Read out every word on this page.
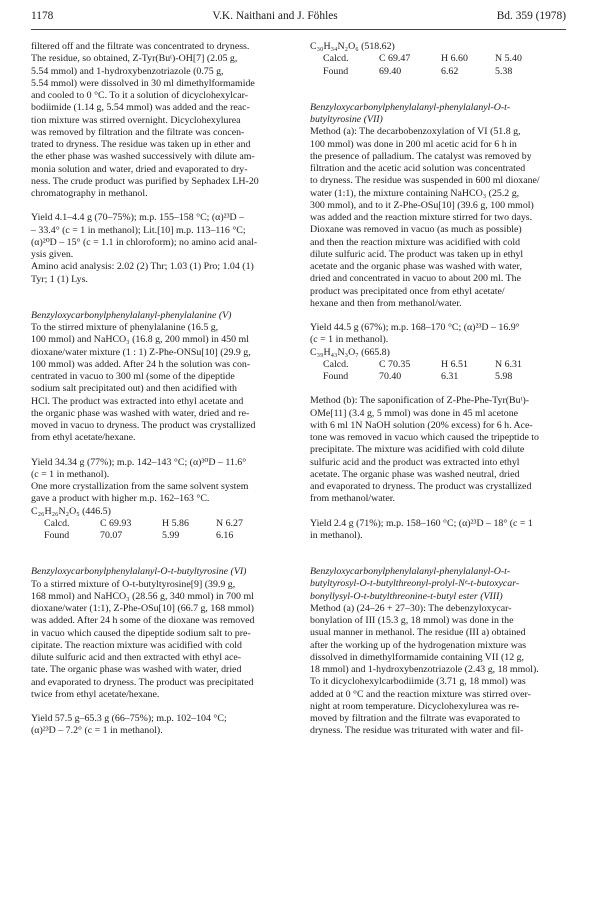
1178	V.K. Naithani and J. Föhles	Bd. 359 (1978)

filtered off and the filtrate was concentrated to dryness.
The residue, so obtained, Z-Tyr(Buᵗ)-OH[7] (2.05 g,
5.54 mmol) and 1-hydroxybenzotriazole (0.75 g,
5.54 mmol) were dissolved in 30 ml dimethylformamide
and cooled to 0 °C. To it a solution of dicyclohexylcar-
bodiimide (1.14 g, 5.54 mmol) was added and the reac-
tion mixture was stirred overnight. Dicyclohexylurea
was removed by filtration and the filtrate was concen-
trated to dryness. The residue was taken up in ether and
the ether phase was washed successively with dilute am-
monia solution and water, dried and evaporated to dry-
ness. The crude product was purified by Sephadex LH-20
chromatography in methanol.

Yield 4.1–4.4 g (70–75%); m.p. 155–158 °C; (α)²³D –
– 33.4° (c = 1 in methanol); Lit.[10] m.p. 113–116 °C;
(α)²⁰D – 15° (c = 1.1 in chloroform); no amino acid anal-
ysis given.

Amino acid analysis: 2.02 (2) Thr; 1.03 (1) Pro; 1.04 (1)
Tyr; 1 (1) Lys.

Benzyloxycarbonylphenylalanyl-phenylalanine (V)

To the stirred mixture of phenylalanine (16.5 g,
100 mmol) and NaHCO₃ (16.8 g, 200 mmol) in 450 ml
dioxane/water mixture (1 : 1) Z-Phe-ONSu[10] (29.9 g,
100 mmol) was added. After 24 h the solution was con-
centrated in vacuo to 300 ml (some of the dipeptide
sodium salt precipitated out) and then acidified with
HCl. The product was extracted into ethyl acetate and
the organic phase was washed with water, dried and re-
moved in vacuo to dryness. The product was crystallized
from ethyl acetate/hexane.

Yield 34.34 g (77%); m.p. 142–143 °C; (α)³⁰D – 11.6°
(c = 1 in methanol).

One more crystallization from the same solvent system
gave a product with higher m.p. 162–163 °C.

C₂₆H₂₆N₂O₅ (446.5)

Calcd.	C 69.93	H 5.86	N 6.27
Found	70.07	5.99	6.16

Benzyloxycarbonylphenylalanyl-O-t-butyltyrosine (VI)

To a stirred mixture of O-t-butyltyrosine[9] (39.9 g,
168 mmol) and NaHCO₃ (28.56 g, 340 mmol) in 700 ml
dioxane/water (1:1), Z-Phe-OSu[10] (66.7 g, 168 mmol)
was added. After 24 h some of the dioxane was removed
in vacuo which caused the dipeptide sodium salt to pre-
cipitate. The reaction mixture was acidified with cold
dilute sulfuric acid and then extracted with ethyl ace-
tate. The organic phase was washed with water, dried
and evaporated to dryness. The product was precipitated
twice from ethyl acetate/hexane.

Yield 57.5 g–65.3 g (66–75%); m.p. 102–104 °C;
(α)²³D – 7.2° (c = 1 in methanol).

C₃₀H₃₄N₂O₆ (518.62)

Calcd.	C 69.47	H 6.60	N 5.40
Found	69.40	6.62	5.38

Benzyloxycarbonylphenylalanyl-phenylalanyl-O-t-
butyltyrosine (VII)

Method (a): The decarbobenzoxylation of VI (51.8 g,
100 mmol) was done in 200 ml acetic acid for 6 h in
the presence of palladium. The catalyst was removed by
filtration and the acetic acid solution was concentrated
to dryness. The residue was suspended in 600 ml dioxane/
water (1:1), the mixture containing NaHCO₃ (25.2 g,
300 mmol), and to it Z-Phe-OSu[10] (39.6 g, 100 mmol)
was added and the reaction mixture stirred for two days.
Dioxane was removed in vacuo (as much as possible)
and then the reaction mixture was acidified with cold
dilute sulfuric acid. The product was taken up in ethyl
acetate and the organic phase was washed with water,
dried and concentrated in vacuo to about 200 ml. The
product was precipitated once from ethyl acetate/
hexane and then from methanol/water.

Yield 44.5 g (67%); m.p. 168–170 °C; (α)²³D – 16.9°
(c = 1 in methanol).

C₃₉H₄₃N₃O₇ (665.8)

Calcd.	C 70.35	H 6.51	N 6.31
Found	70.40	6.31	5.98

Method (b): The saponification of Z-Phe-Phe-Tyr(Buᵗ)-
OMe[11] (3.4 g, 5 mmol) was done in 45 ml acetone
with 6 ml 1N NaOH solution (20% excess) for 6 h. Ace-
tone was removed in vacuo which caused the tripeptide to
precipitate. The mixture was acidified with cold dilute
sulfuric acid and the product was extracted into ethyl
acetate. The organic phase was washed neutral, dried
and evaporated to dryness. The product was crystallized
from methanol/water.

Yield 2.4 g (71%); m.p. 158–160 °C; (α)²³D – 18° (c = 1
in methanol).

Benzyloxycarbonylphenylalanyl-phenylalanyl-O-t-
butyltyrosyl-O-t-butylthreonyl-prolyl-Nᵉ-t-butoxycar-
bonyllysyl-O-t-butylthreonine-t-butyl ester (VIII)

Method (a) (24–26 + 27–30): The debenzyloxycar-
bonylation of III (15.3 g, 18 mmol) was done in the
usual manner in methanol. The residue (III a) obtained
after the working up of the hydrogenation mixture was
dissolved in dimethylformamide containing VII (12 g,
18 mmol) and 1-hydroxybenzotriazole (2.43 g, 18 mmol).
To it dicyclohexylcarbodiimide (3.71 g, 18 mmol) was
added at 0 °C and the reaction mixture was stirred over-
night at room temperature. Dicyclohexylurea was re-
moved by filtration and the filtrate was evaporated to
dryness. The residue was triturated with water and fil-
